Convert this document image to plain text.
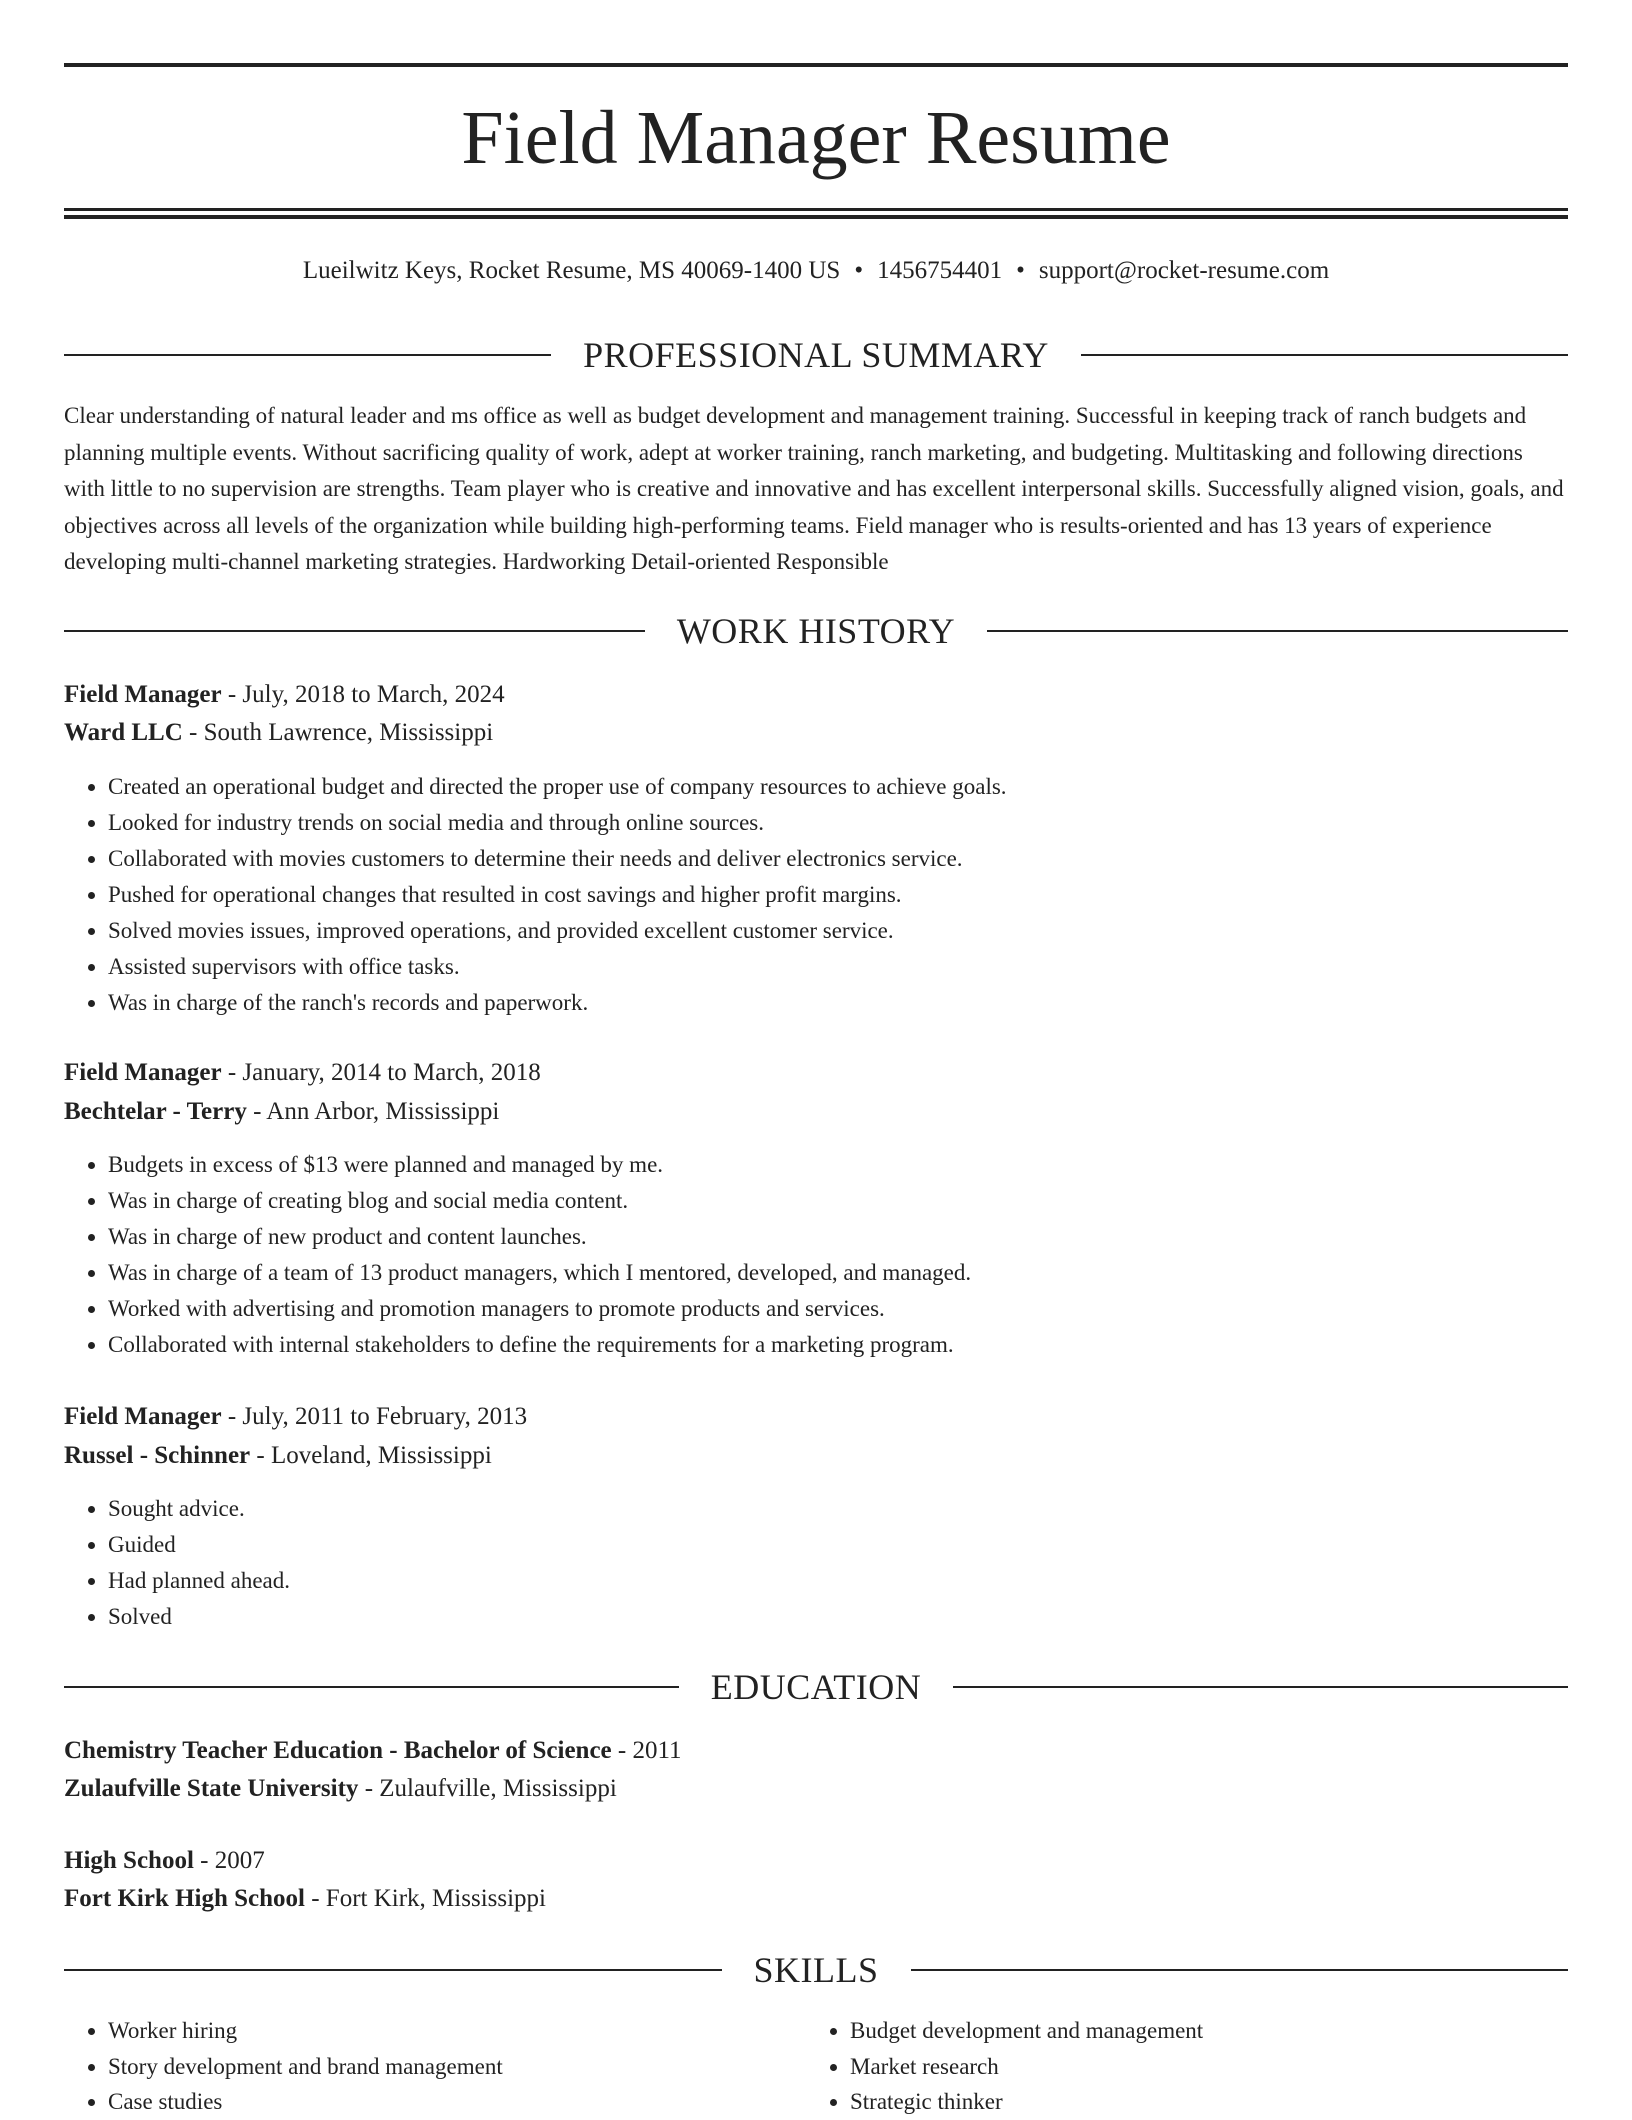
Field Manager Resume
Lueilwitz Keys, Rocket Resume, MS 40069-1400 US • 1456754401 • support@rocket-resume.com
PROFESSIONAL SUMMARY
Clear understanding of natural leader and ms office as well as budget development and management training. Successful in keeping track of ranch budgets and planning multiple events. Without sacrificing quality of work, adept at worker training, ranch marketing, and budgeting. Multitasking and following directions with little to no supervision are strengths. Team player who is creative and innovative and has excellent interpersonal skills. Successfully aligned vision, goals, and objectives across all levels of the organization while building high-performing teams. Field manager who is results-oriented and has 13 years of experience developing multi-channel marketing strategies. Hardworking Detail-oriented Responsible
WORK HISTORY
Field Manager - July, 2018 to March, 2024
Ward LLC - South Lawrence, Mississippi
• Created an operational budget and directed the proper use of company resources to achieve goals.
• Looked for industry trends on social media and through online sources.
• Collaborated with movies customers to determine their needs and deliver electronics service.
• Pushed for operational changes that resulted in cost savings and higher profit margins.
• Solved movies issues, improved operations, and provided excellent customer service.
• Assisted supervisors with office tasks.
• Was in charge of the ranch's records and paperwork.
Field Manager - January, 2014 to March, 2018
Bechtelar - Terry - Ann Arbor, Mississippi
• Budgets in excess of $13 were planned and managed by me.
• Was in charge of creating blog and social media content.
• Was in charge of new product and content launches.
• Was in charge of a team of 13 product managers, which I mentored, developed, and managed.
• Worked with advertising and promotion managers to promote products and services.
• Collaborated with internal stakeholders to define the requirements for a marketing program.
Field Manager - July, 2011 to February, 2013
Russel - Schinner - Loveland, Mississippi
• Sought advice.
• Guided
• Had planned ahead.
• Solved
EDUCATION
Chemistry Teacher Education - Bachelor of Science - 2011
Zulaufville State University - Zulaufville, Mississippi
High School - 2007
Fort Kirk High School - Fort Kirk, Mississippi
SKILLS
• Worker hiring
• Story development and brand management
• Case studies
• Budget development and management
• Market research
• Strategic thinker
